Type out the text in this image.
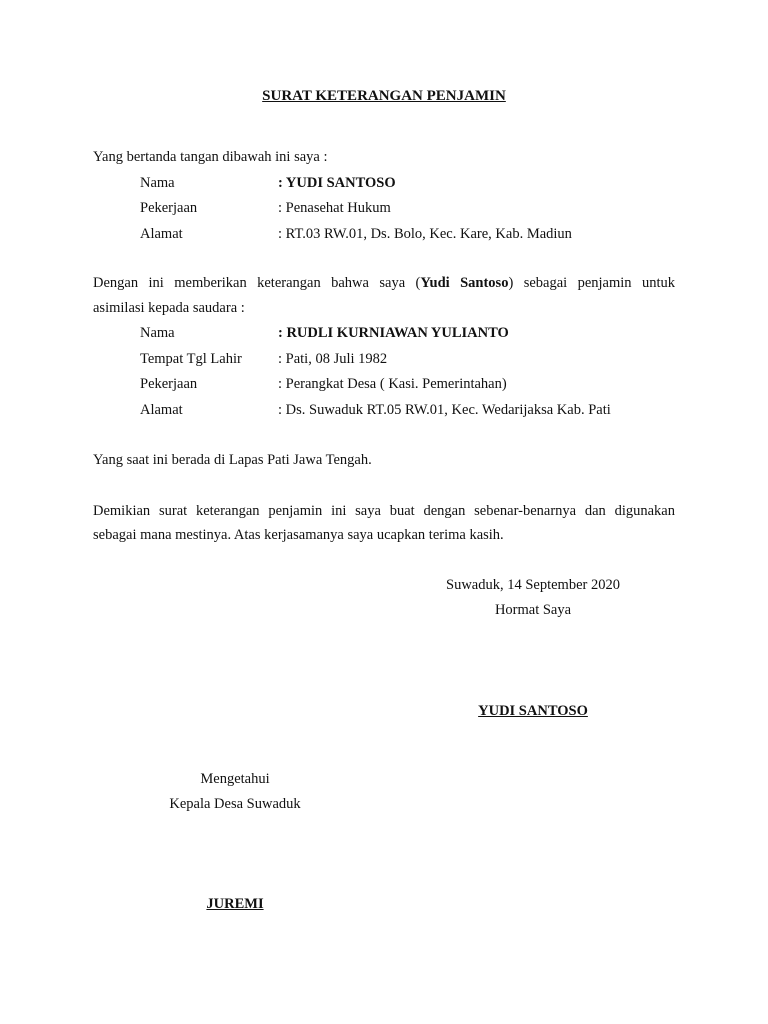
SURAT KETERANGAN PENJAMIN
Yang bertanda tangan dibawah ini saya :
Nama	: YUDI SANTOSO
Pekerjaan	: Penasehat Hukum
Alamat	: RT.03 RW.01, Ds. Bolo, Kec. Kare, Kab. Madiun
Dengan ini memberikan keterangan bahwa saya (Yudi Santoso) sebagai penjamin untuk
asimilasi kepada saudara :
Nama	: RUDLI KURNIAWAN YULIANTO
Tempat Tgl Lahir : Pati, 08 Juli 1982
Pekerjaan	: Perangkat Desa ( Kasi. Pemerintahan)
Alamat	: Ds. Suwaduk RT.05 RW.01, Kec. Wedarijaksa Kab. Pati
Yang saat ini berada di Lapas Pati Jawa Tengah.
Demikian surat keterangan penjamin ini saya buat dengan sebenar-benarnya dan digunakan
sebagai mana mestinya. Atas kerjasamanya saya ucapkan terima kasih.
Suwaduk, 14 September 2020
Hormat Saya
YUDI SANTOSO
Mengetahui
Kepala Desa Suwaduk
JUREMI
